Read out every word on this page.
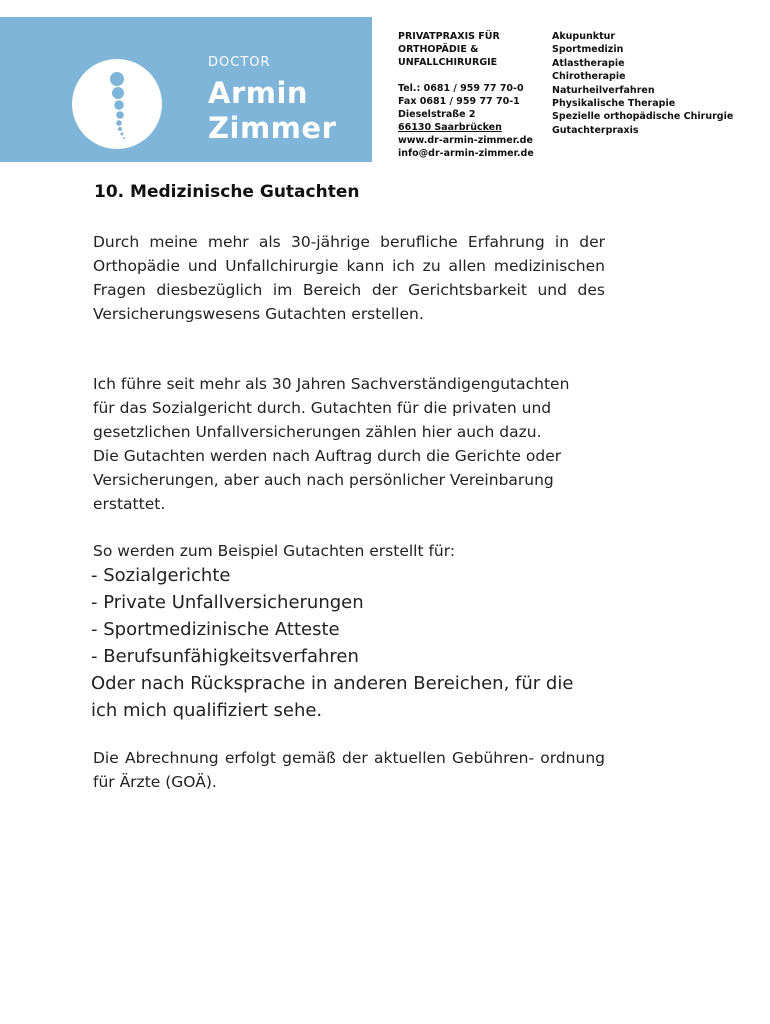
DOCTOR
Armin
Zimmer
PRIVATPRAXIS FÜR
ORTHOPÄDIE &
UNFALLCHIRURGIE
Tel.: 0681 / 959 77 70-0
Fax 0681 / 959 77 70-1
Dieselstraße 2
66130 Saarbrücken
www.dr-armin-zimmer.de
info@dr-armin-zimmer.de
Akupunktur
Sportmedizin
Atlastherapie
Chirotherapie
Naturheilverfahren
Physikalische Therapie
Spezielle orthopädische Chirurgie
Gutachterpraxis
10. Medizinische Gutachten
Durch meine mehr als 30-jährige berufliche Erfahrung in der Orthopädie und Unfallchirurgie kann ich zu allen medizinischen Fragen diesbezüglich im Bereich der Gerichtsbarkeit und des Versicherungswesens Gutachten erstellen.
Ich führe seit mehr als 30 Jahren Sachverständigengutachten
für das Sozialgericht durch. Gutachten für die privaten und
gesetzlichen Unfallversicherungen zählen hier auch dazu.
Die Gutachten werden nach Auftrag durch die Gerichte oder
Versicherungen, aber auch nach persönlicher Vereinbarung
erstattet.
So werden zum Beispiel Gutachten erstellt für:
- Sozialgerichte
- Private Unfallversicherungen
- Sportmedizinische Atteste
- Berufsunfähigkeitsverfahren
Oder nach Rücksprache in anderen Bereichen, für die
ich mich qualifiziert sehe.
Die Abrechnung erfolgt gemäß der aktuellen Gebühren- ordnung für Ärzte (GOÄ).
